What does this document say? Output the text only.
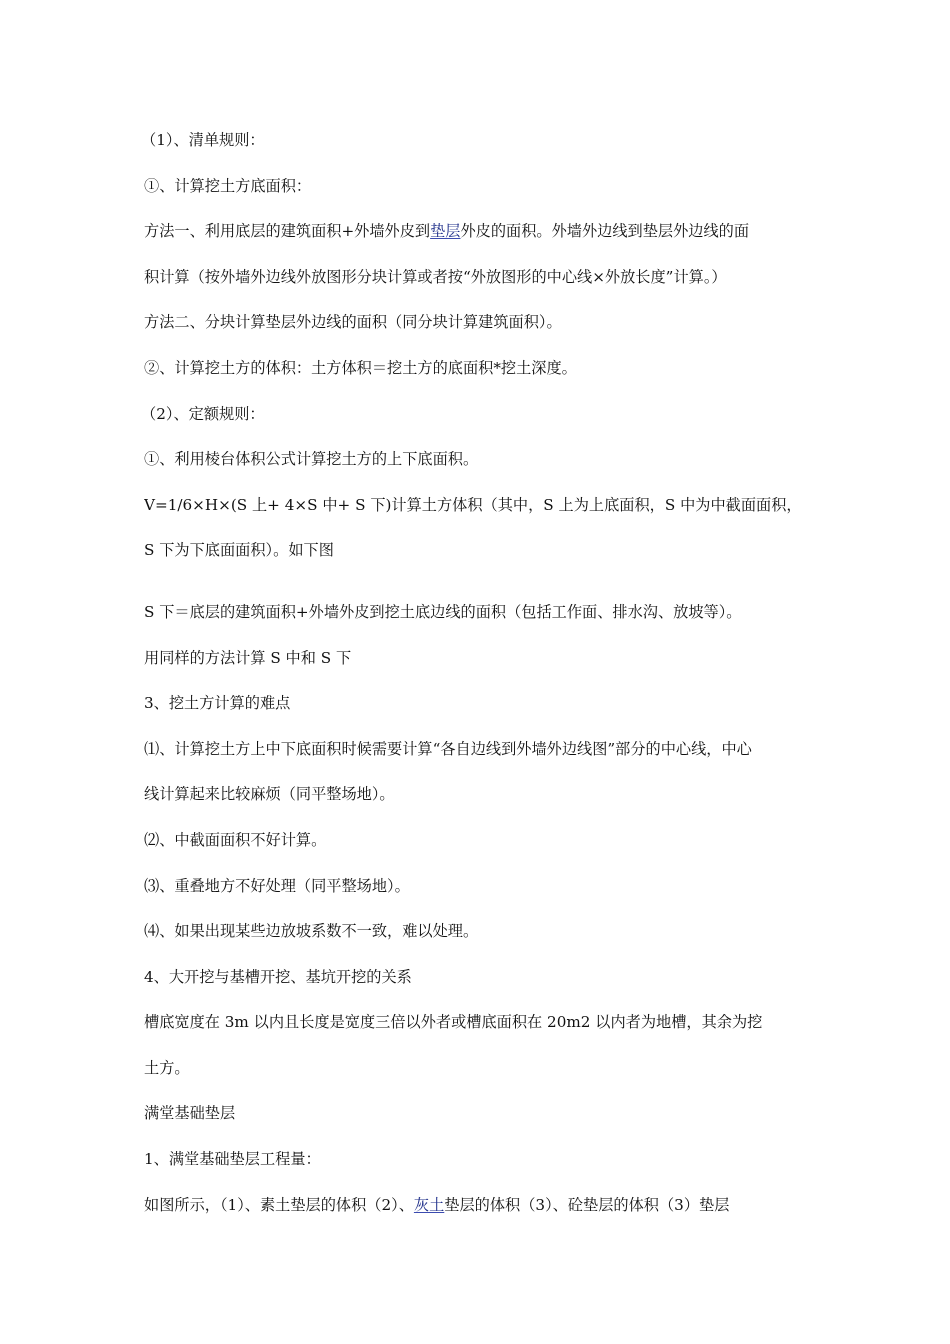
（1）、清单规则：
①、计算挖土方底面积：
方法一、利用底层的建筑面积+外墙外皮到垫层外皮的面积。外墙外边线到垫层外边线的面
积计算（按外墙外边线外放图形分块计算或者按“外放图形的中心线×外放长度”计算。）
方法二、分块计算垫层外边线的面积（同分块计算建筑面积）。
②、计算挖土方的体积：土方体积＝挖土方的底面积*挖土深度。
（2）、定额规则：
①、利用棱台体积公式计算挖土方的上下底面积。
V=1/6×H×(S 上+ 4×S 中+ S 下)计算土方体积（其中，S 上为上底面积，S 中为中截面面积，
S 下为下底面面积）。如下图
S 下＝底层的建筑面积+外墙外皮到挖土底边线的面积（包括工作面、排水沟、放坡等）。
用同样的方法计算 S 中和 S 下
3、挖土方计算的难点
⑴、计算挖土方上中下底面积时候需要计算“各自边线到外墙外边线图”部分的中心线，中心
线计算起来比较麻烦（同平整场地）。
⑵、中截面面积不好计算。
⑶、重叠地方不好处理（同平整场地）。
⑷、如果出现某些边放坡系数不一致，难以处理。
4、大开挖与基槽开挖、基坑开挖的关系
槽底宽度在 3m 以内且长度是宽度三倍以外者或槽底面积在 20m2 以内者为地槽，其余为挖
土方。
满堂基础垫层
1、满堂基础垫层工程量：
如图所示，（1）、素土垫层的体积（2）、灰土垫层的体积（3）、砼垫层的体积（3）垫层
